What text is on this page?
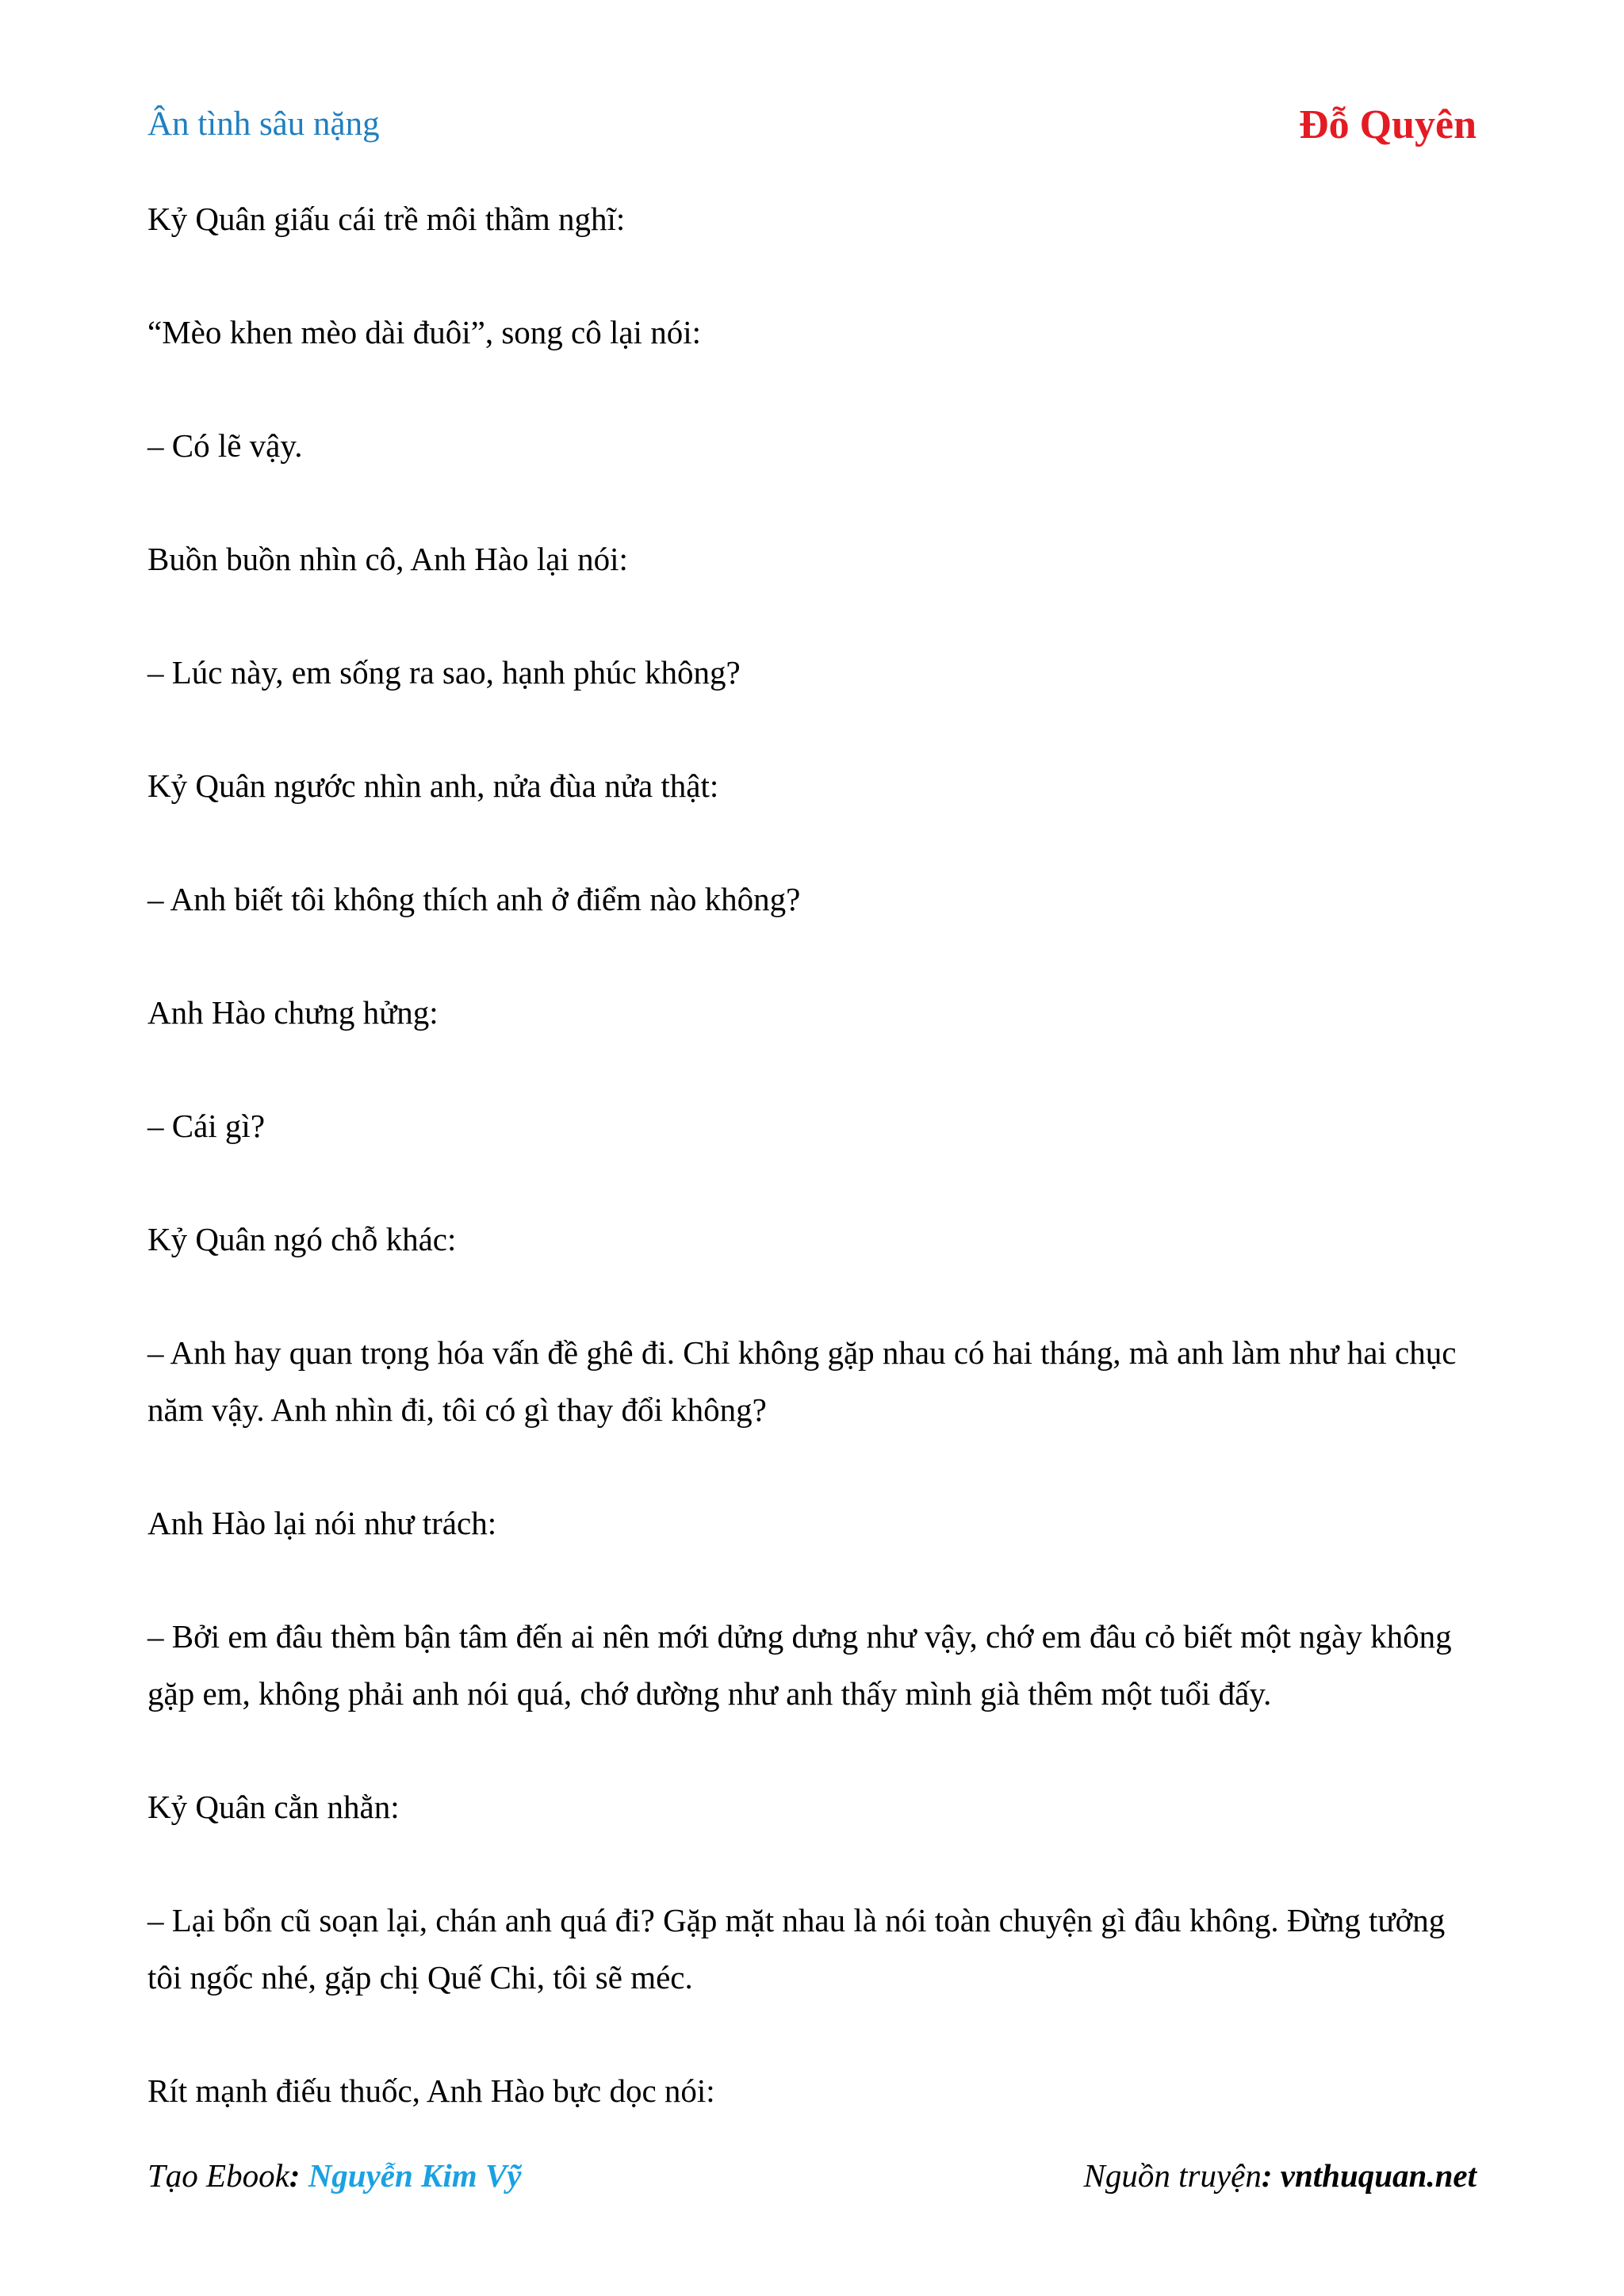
Ân tình sâu nặng	Đỗ Quyên

Kỷ Quân giấu cái trề môi thầm nghĩ:

“Mèo khen mèo dài đuôi”, song cô lại nói:

– Có lẽ vậy.

Buồn buồn nhìn cô, Anh Hào lại nói:

– Lúc này, em sống ra sao, hạnh phúc không?

Kỷ Quân ngước nhìn anh, nửa đùa nửa thật:

– Anh biết tôi không thích anh ở điểm nào không?

Anh Hào chưng hửng:

– Cái gì?

Kỷ Quân ngó chỗ khác:

– Anh hay quan trọng hóa vấn đề ghê đi. Chỉ không gặp nhau có hai tháng, mà anh làm như hai chục năm vậy. Anh nhìn đi, tôi có gì thay đổi không?

Anh Hào lại nói như trách:

– Bởi em đâu thèm bận tâm đến ai nên mới dửng dưng như vậy, chớ em đâu cỏ biết một ngày không gặp em, không phải anh nói quá, chớ dường như anh thấy mình già thêm một tuổi đấy.

Kỷ Quân cằn nhằn:

– Lại bổn cũ soạn lại, chán anh quá đi? Gặp mặt nhau là nói toàn chuyện gì đâu không. Đừng tưởng tôi ngốc nhé, gặp chị Quế Chi, tôi sẽ méc.

Rít mạnh điếu thuốc, Anh Hào bực dọc nói:

Tạo Ebook: Nguyễn Kim Vỹ	Nguồn truyện: vnthuquan.net
